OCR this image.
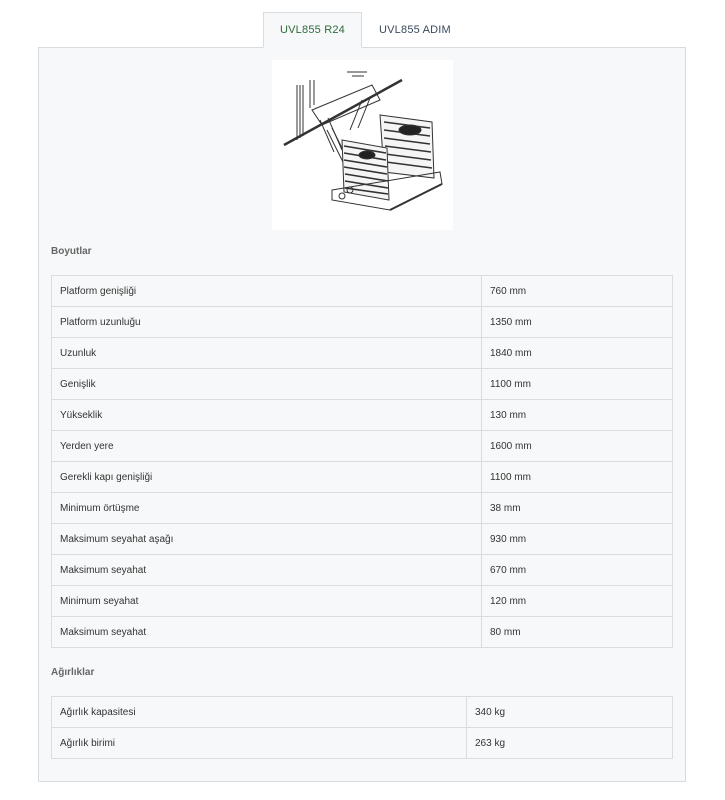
UVL855 R24	UVL855 ADIM
Boyutlar
Platform genişliği	760 mm
Platform uzunluğu	1350 mm
Uzunluk	1840 mm
Genişlik	1100 mm
Yükseklik	130 mm
Yerden yere	1600 mm
Gerekli kapı genişliği	1100 mm
Minimum örtüşme	38 mm
Maksimum seyahat aşağı	930 mm
Maksimum seyahat	670 mm
Minimum seyahat	120 mm
Maksimum seyahat	80 mm
Ağırlıklar
Ağırlık kapasitesi	340 kg
Ağırlık birimi	263 kg
